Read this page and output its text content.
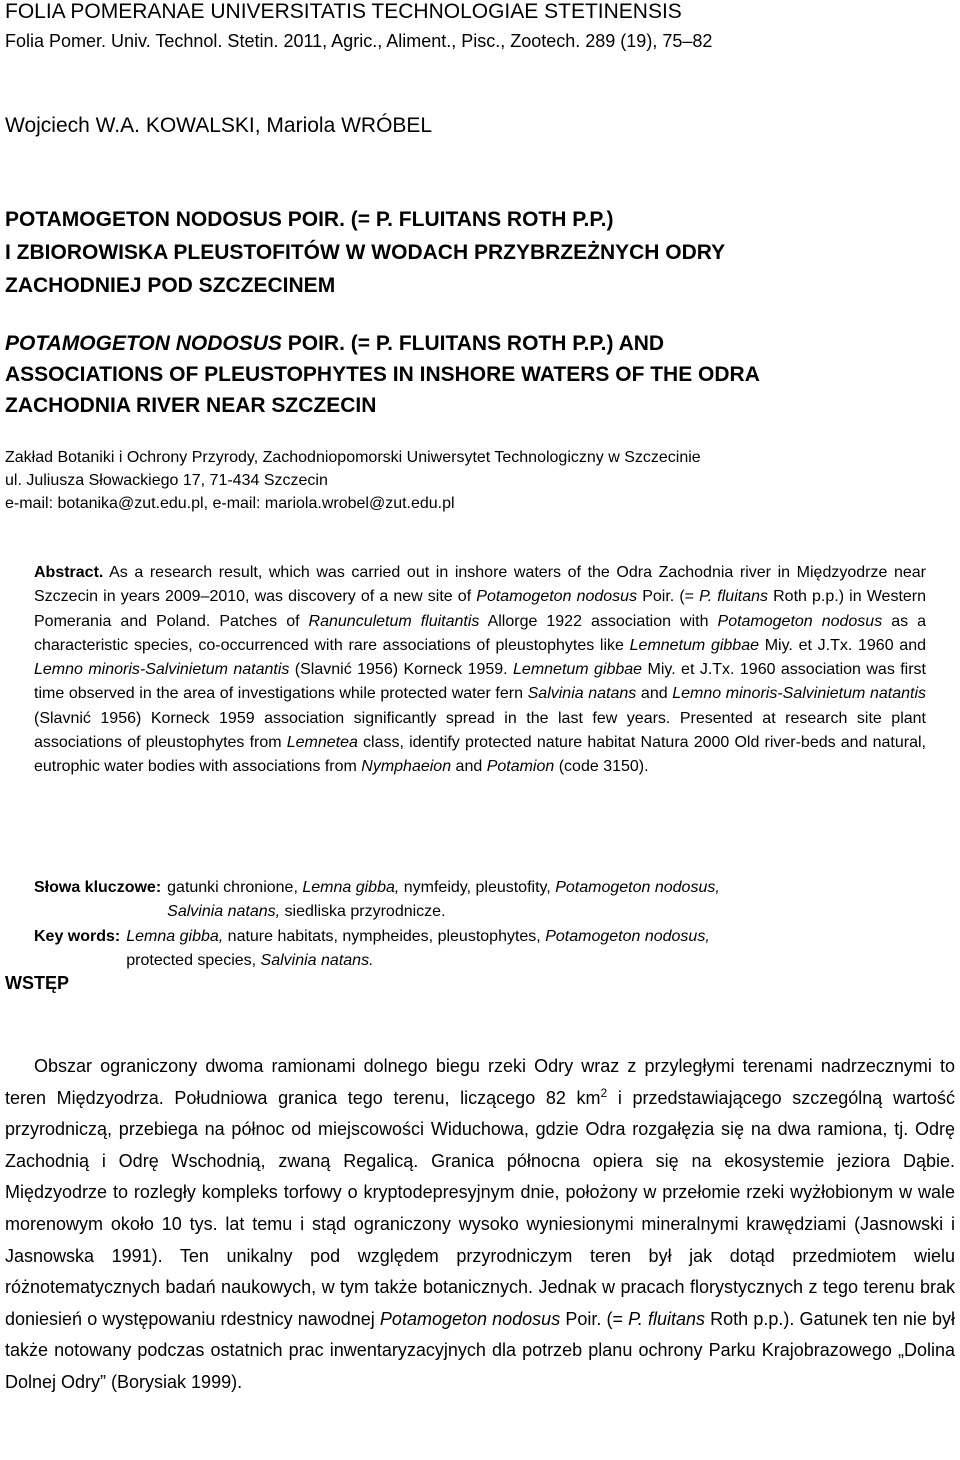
FOLIA POMERANAE UNIVERSITATIS TECHNOLOGIAE STETINENSIS
Folia Pomer. Univ. Technol. Stetin. 2011, Agric., Aliment., Pisc., Zootech. 289 (19), 75–82
Wojciech W.A. KOWALSKI, Mariola WRÓBEL
POTAMOGETON NODOSUS POIR. (= P. FLUITANS ROTH P.P.)
I ZBIOROWISKA PLEUSTOFITÓW W WODACH PRZYBRZEŻNYCH ODRY
ZACHODNIEJ POD SZCZECINEM
POTAMOGETON NODOSUS POIR. (= P. FLUITANS ROTH P.P.) AND
ASSOCIATIONS OF PLEUSTOPHYTES IN INSHORE WATERS OF THE ODRA
ZACHODNIA RIVER NEAR SZCZECIN
Zakład Botaniki i Ochrony Przyrody, Zachodniopomorski Uniwersytet Technologiczny w Szczecinie
ul. Juliusza Słowackiego 17, 71-434 Szczecin
e-mail: botanika@zut.edu.pl, e-mail: mariola.wrobel@zut.edu.pl

Abstract. As a research result, which was carried out in inshore waters of the Odra Zachodnia river in Międzyodrze near Szczecin in years 2009–2010, was discovery of a new site of Potamogeton nodosus Poir. (= P. fluitans Roth p.p.) in Western Pomerania and Poland. Patches of Ranunculetum fluitantis Allorge 1922 association with Potamogeton nodosus as a characteristic species, co-occurrenced with rare associations of pleustophytes like Lemnetum gibbae Miy. et J.Tx. 1960 and Lemno minoris-Salvinietum natantis (Slavnić 1956) Korneck 1959. Lemnetum gibbae Miy. et J.Tx. 1960 association was first time observed in the area of investigations while protected water fern Salvinia natans and Lemno minoris-Salvinietum natantis (Slavnić 1956) Korneck 1959 association significantly spread in the last few years. Presented at research site plant associations of pleustophytes from Lemnetea class, identify protected nature habitat Natura 2000 Old river-beds and natural, eutrophic water bodies with associations from Nymphaeion and Potamion (code 3150).

Słowa kluczowe: gatunki chronione, Lemna gibba, nymfeidy, pleustofity, Potamogeton nodosus,
Salvinia natans, siedliska przyrodnicze.
Key words: Lemna gibba, nature habitats, nympheides, pleustophytes, Potamogeton nodosus,
protected species, Salvinia natans.
WSTĘP

Obszar ograniczony dwoma ramionami dolnego biegu rzeki Odry wraz z przyległymi terenami nadrzecznymi to teren Międzyodrza. Południowa granica tego terenu, liczącego 82 $km^2$ i przedstawiającego szczególną wartość przyrodniczą, przebiega na północ od miejscowości Widuchowa, gdzie Odra rozgałęzia się na dwa ramiona, tj. Odrę Zachodnią i Odrę Wschodnią, zwaną Regalicą. Granica północna opiera się na ekosystemie jeziora Dąbie. Międzyodrze to rozległy kompleks torfowy o kryptodepresyjnym dnie, położony w przełomie rzeki wyżłobionym w wale morenowym około 10 tys. lat temu i stąd ograniczony wysoko wyniesionymi mineralnymi krawędziami (Jasnowski i Jasnowska 1991). Ten unikalny pod względem przyrodniczym teren był jak dotąd przedmiotem wielu różnotematycznych badań naukowych, w tym także botanicznych. Jednak w pracach florystycznych z tego terenu brak doniesień o występowaniu rdestnicy nawodnej Potamogeton nodosus Poir. (= P. fluitans Roth p.p.). Gatunek ten nie był także notowany podczas ostatnich prac inwentaryzacyjnych dla potrzeb planu ochrony Parku Krajobrazowego „Dolina Dolnej Odry” (Borysiak 1999).
